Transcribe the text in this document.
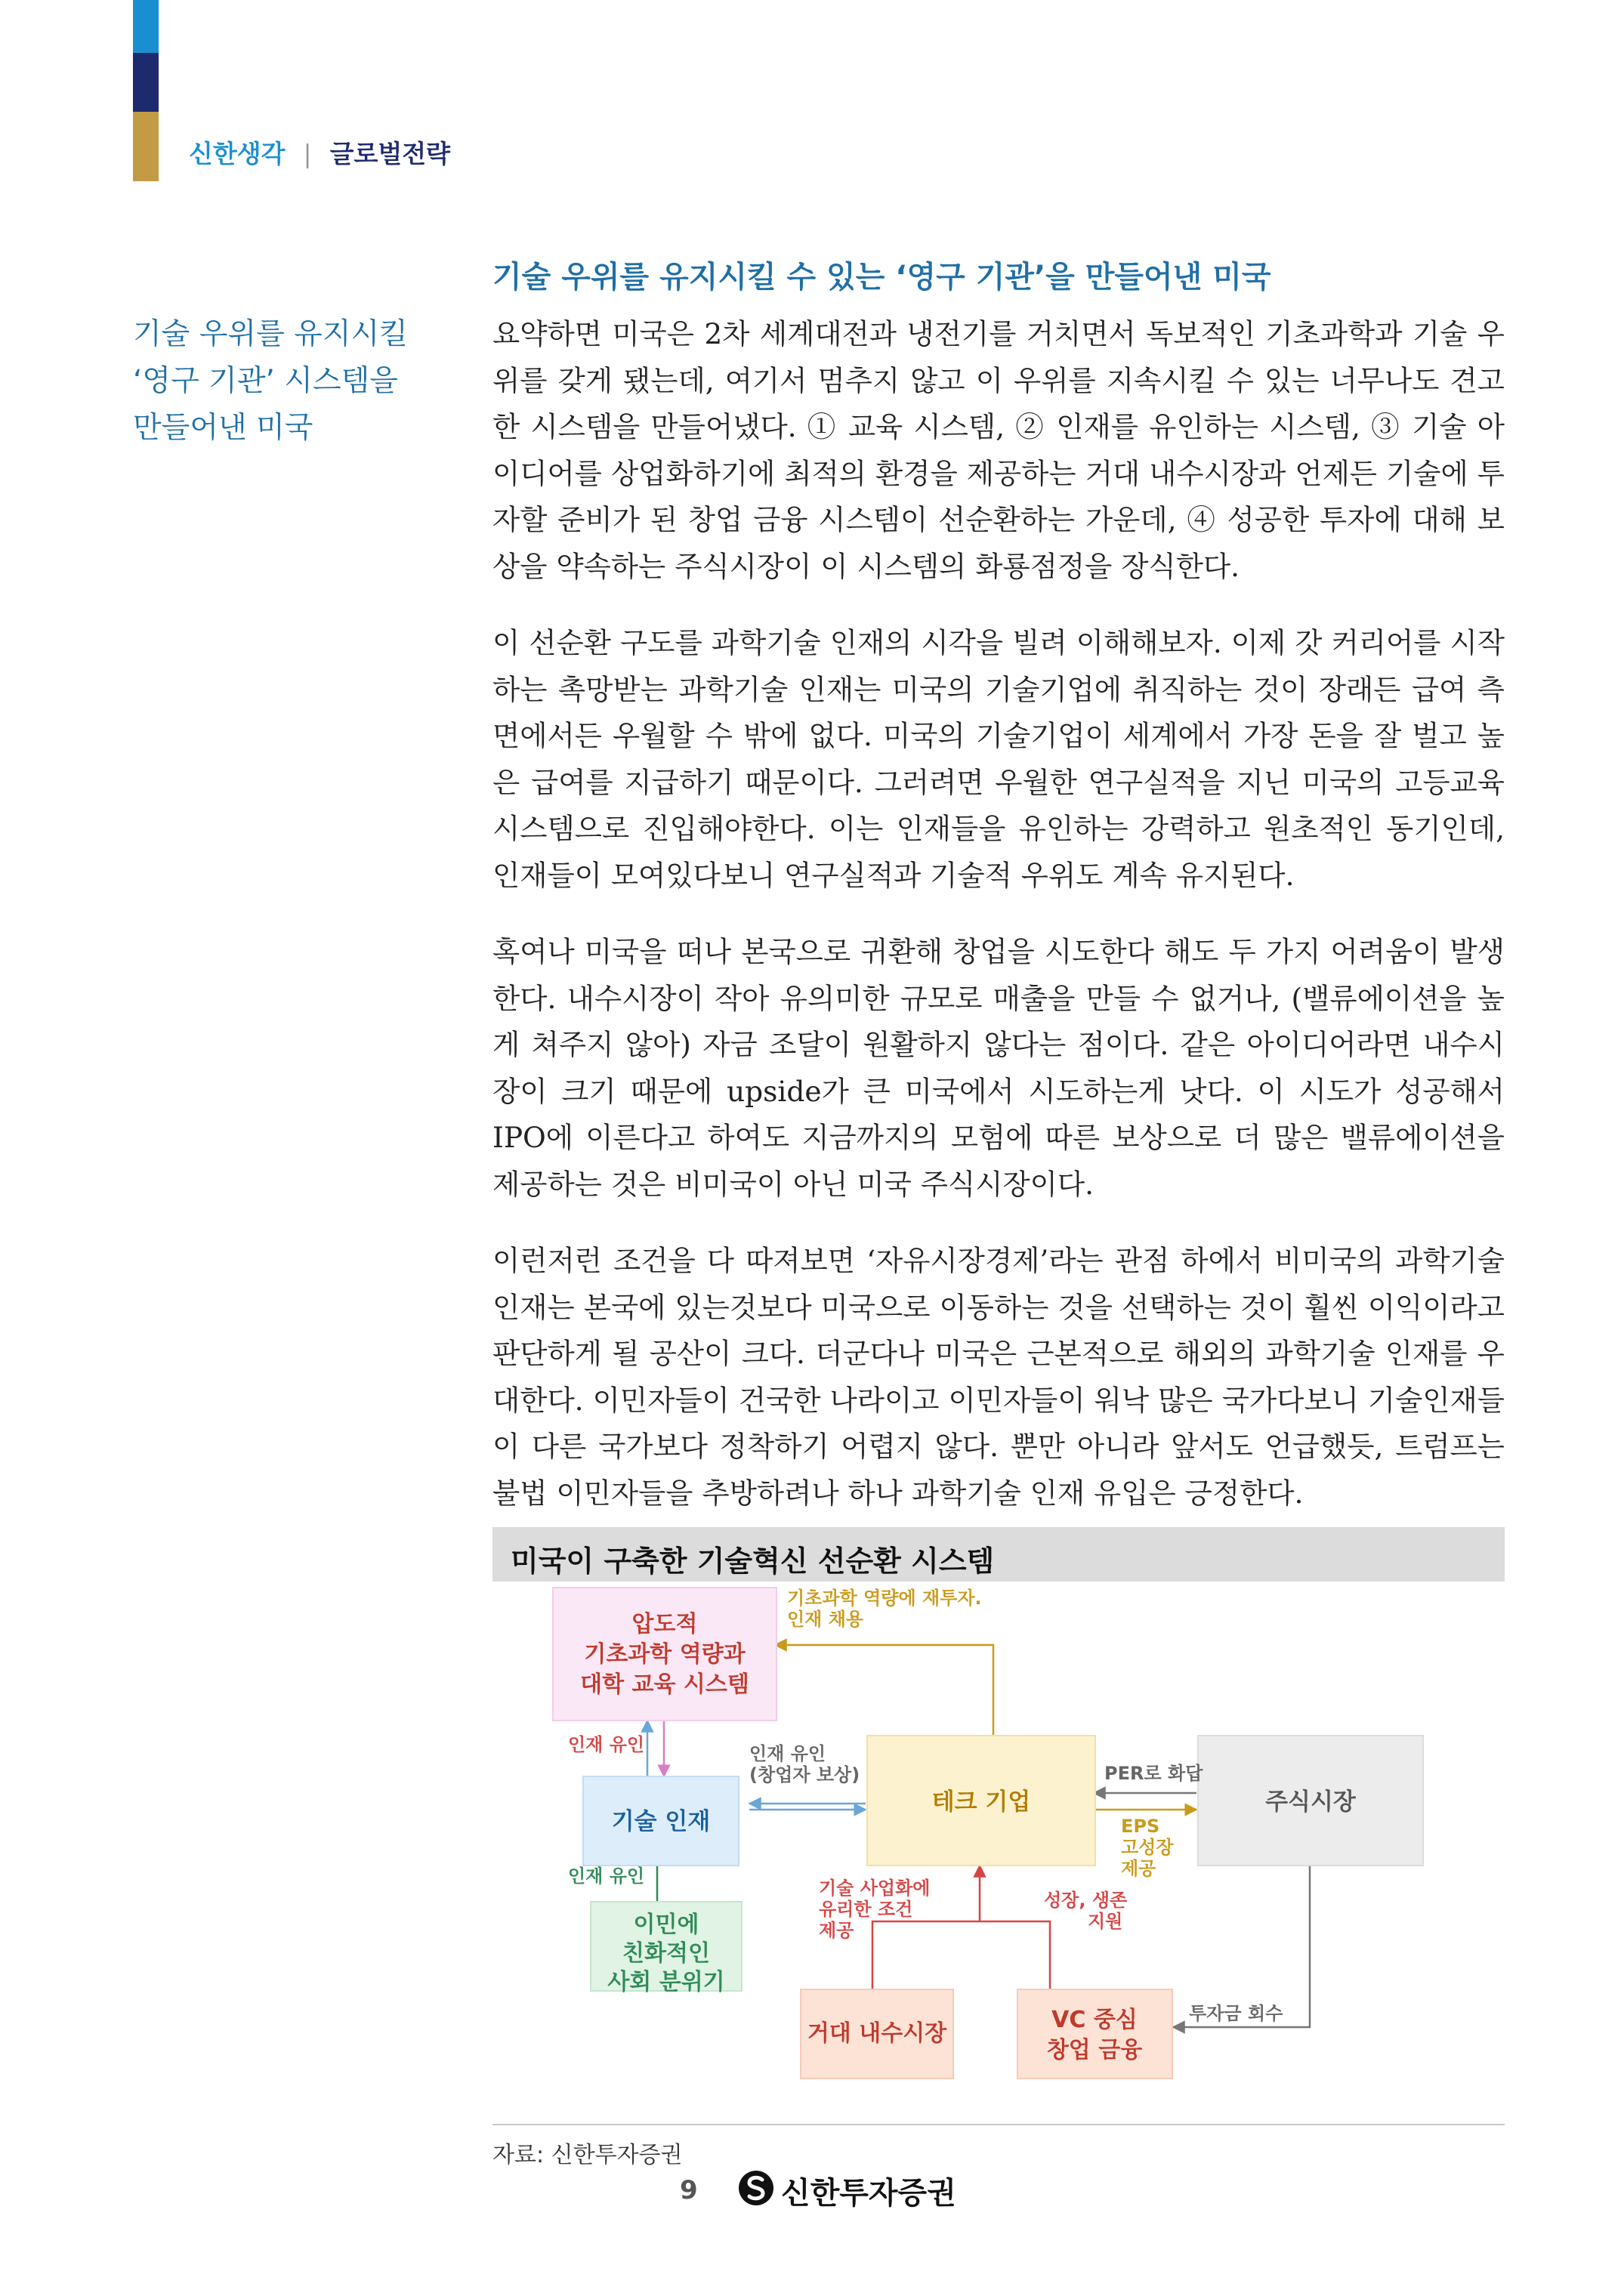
신한생각 | 글로벌전략
기술 우위를 유지시킬
‘영구 기관’ 시스템을
만들어낸 미국
기술 우위를 유지시킬 수 있는 ‘영구 기관’을 만들어낸 미국

요약하면 미국은 2차 세계대전과 냉전기를 거치면서 독보적인 기초과학과 기술 우위를 갖게 됐는데, 여기서 멈추지 않고 이 우위를 지속시킬 수 있는 너무나도 견고한 시스템을 만들어냈다. ① 교육 시스템, ② 인재를 유인하는 시스템, ③ 기술 아이디어를 상업화하기에 최적의 환경을 제공하는 거대 내수시장과 언제든 기술에 투자할 준비가 된 창업 금융 시스템이 선순환하는 가운데, ④ 성공한 투자에 대해 보상을 약속하는 주식시장이 이 시스템의 화룡점정을 장식한다.

이 선순환 구도를 과학기술 인재의 시각을 빌려 이해해보자. 이제 갓 커리어를 시작하는 촉망받는 과학기술 인재는 미국의 기술기업에 취직하는 것이 장래든 급여 측면에서든 우월할 수 밖에 없다. 미국의 기술기업이 세계에서 가장 돈을 잘 벌고 높은 급여를 지급하기 때문이다. 그러려면 우월한 연구실적을 지닌 미국의 고등교육 시스템으로 진입해야한다. 이는 인재들을 유인하는 강력하고 원초적인 동기인데, 인재들이 모여있다보니 연구실적과 기술적 우위도 계속 유지된다.

혹여나 미국을 떠나 본국으로 귀환해 창업을 시도한다 해도 두 가지 어려움이 발생한다. 내수시장이 작아 유의미한 규모로 매출을 만들 수 없거나, (밸류에이션을 높게 쳐주지 않아) 자금 조달이 원활하지 않다는 점이다. 같은 아이디어라면 내수시장이 크기 때문에 upside가 큰 미국에서 시도하는게 낫다. 이 시도가 성공해서 IPO에 이른다고 하여도 지금까지의 모험에 따른 보상으로 더 많은 밸류에이션을 제공하는 것은 비미국이 아닌 미국 주식시장이다.

이런저런 조건을 다 따져보면 ‘자유시장경제’라는 관점 하에서 비미국의 과학기술 인재는 본국에 있는것보다 미국으로 이동하는 것을 선택하는 것이 훨씬 이익이라고 판단하게 될 공산이 크다. 더군다나 미국은 근본적으로 해외의 과학기술 인재를 우대한다. 이민자들이 건국한 나라이고 이민자들이 워낙 많은 국가다보니 기술인재들이 다른 국가보다 정착하기 어렵지 않다. 뿐만 아니라 앞서도 언급했듯, 트럼프는 불법 이민자들을 추방하려나 하나 과학기술 인재 유입은 긍정한다.

미국이 구축한 기술혁신 선순환 시스템
압도적
기초과학 역량과
대학 교육 시스템
기술 인재
테크 기업	주식시장
이민에
친화적인
사회 분위기
거대 내수시장
VC 중심
창업 금융
기초과학 역량에 재투자.
인재 채용
인재 유인
인재 유인
인재 유인
(창업자 보상)	PER로 화답
EPS
고성장
제공
기술 사업화에
유리한 조건
제공
성장, 생존
지원
투자금 회수
자료: 신한투자증권
9	신한투자증권
